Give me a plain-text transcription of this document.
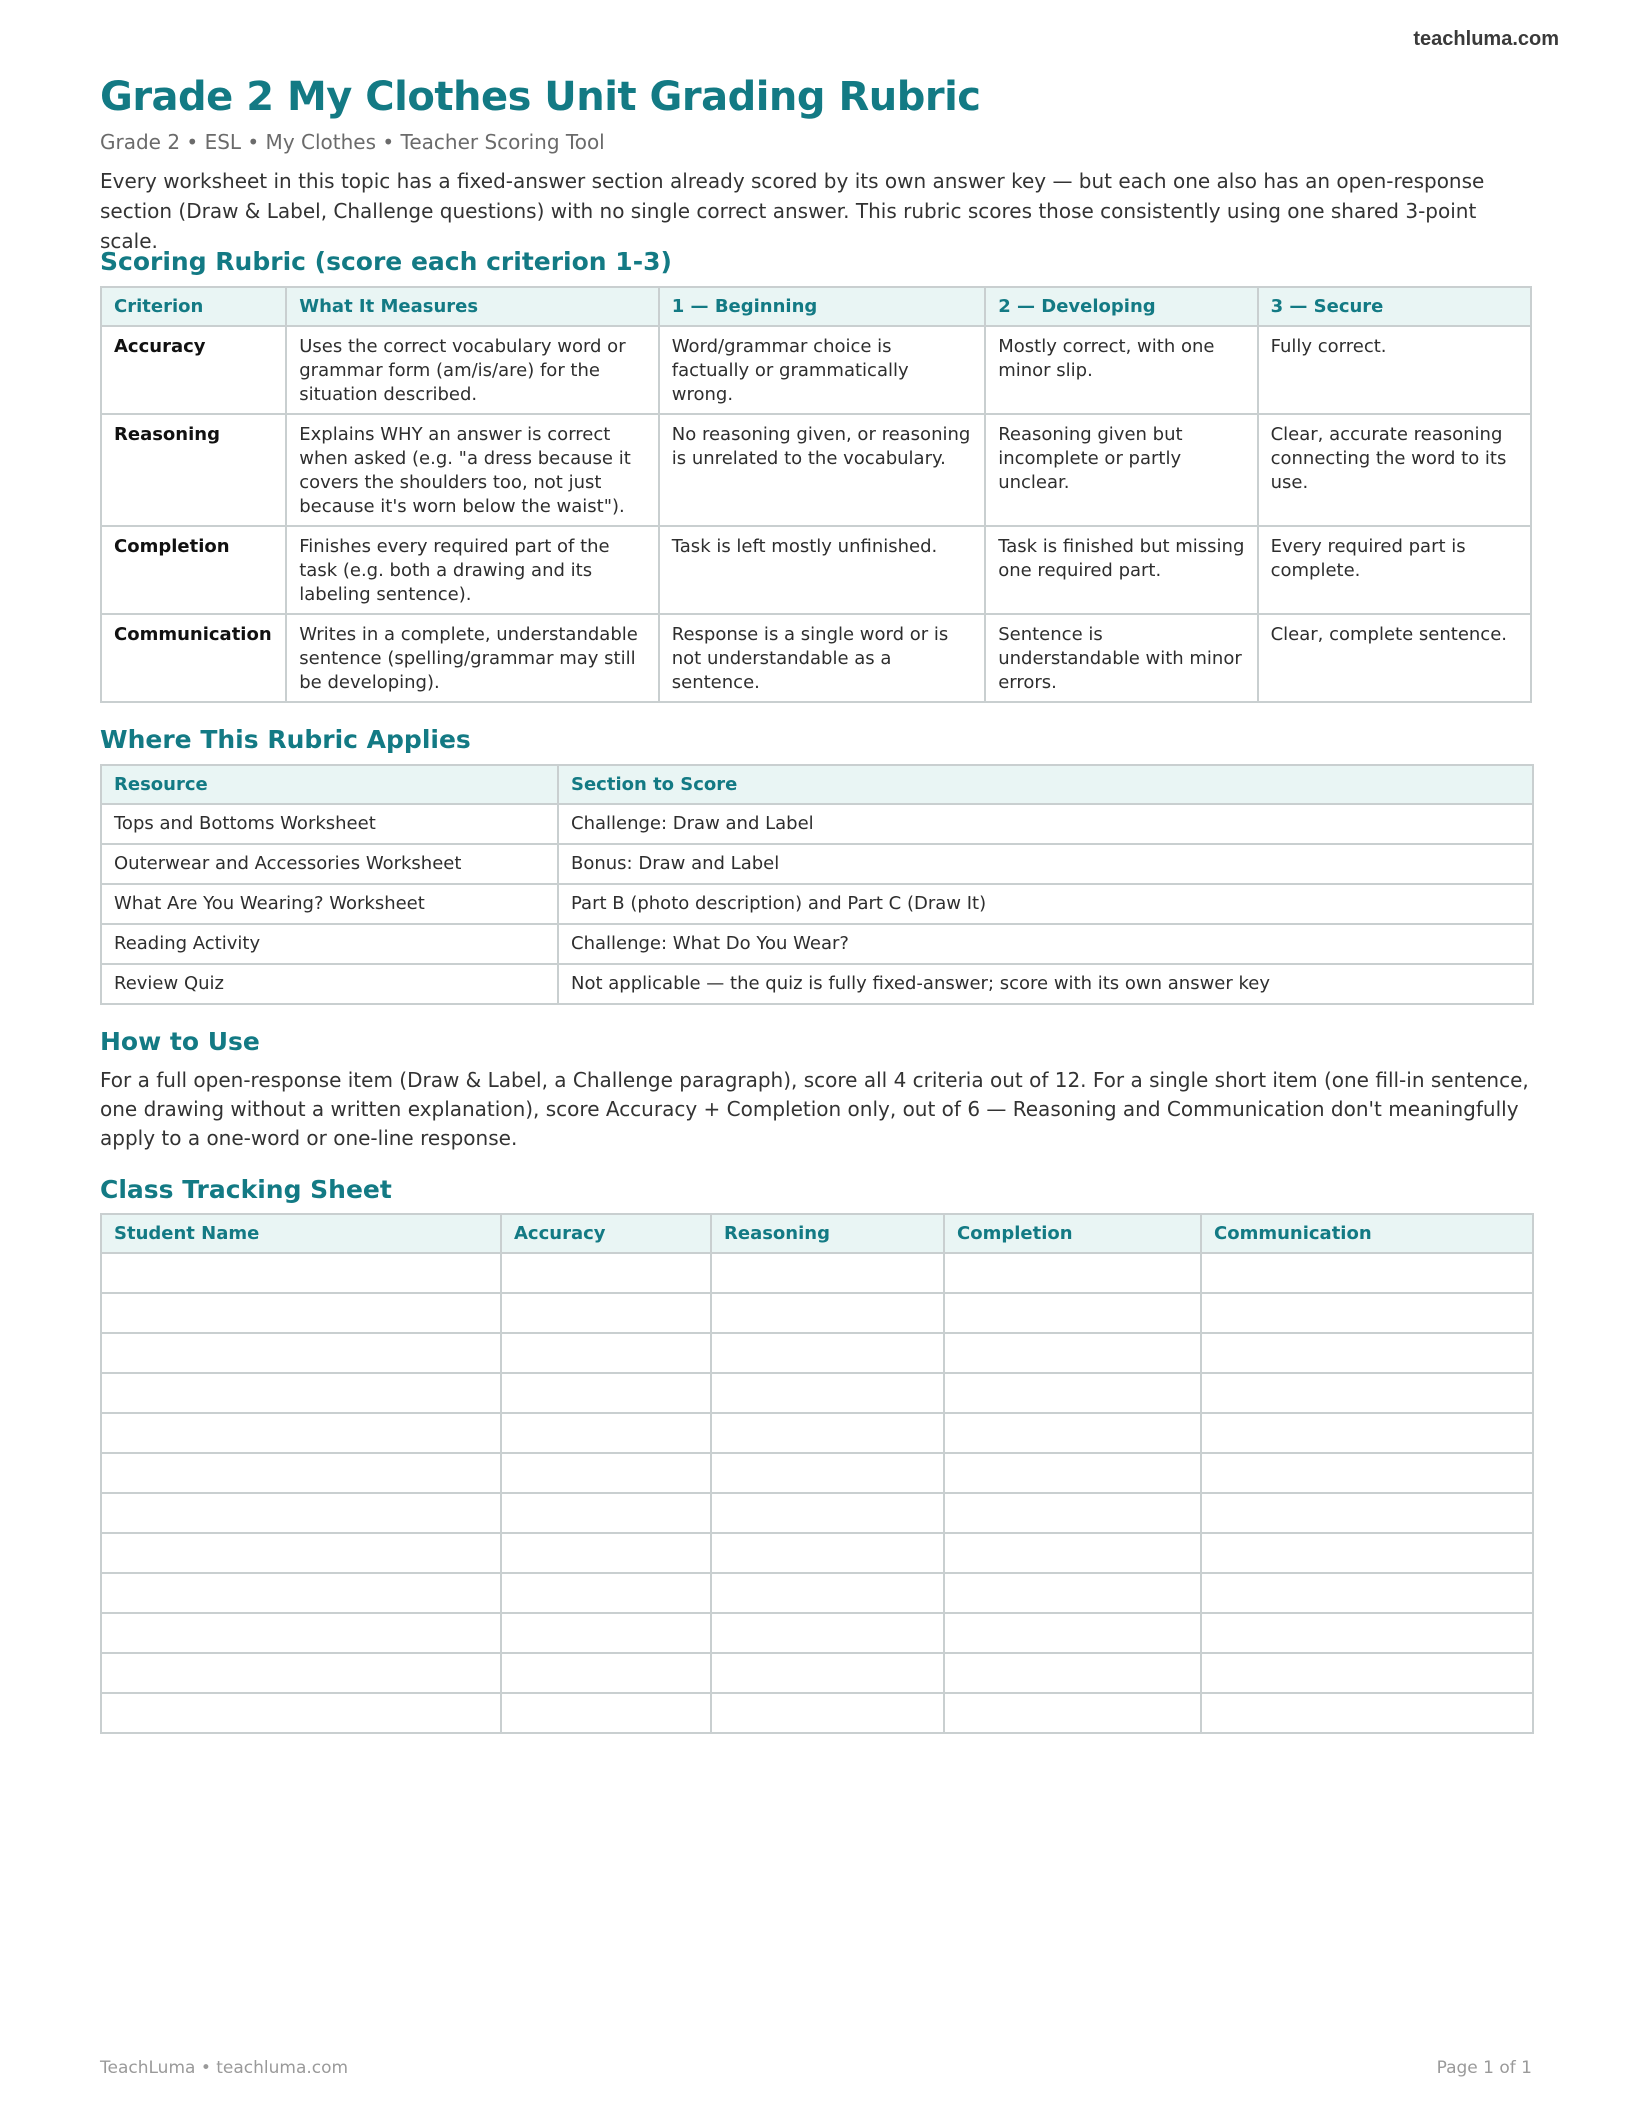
teachluma.com
Grade 2 My Clothes Unit Grading Rubric
Grade 2 • ESL • My Clothes • Teacher Scoring Tool
Every worksheet in this topic has a fixed-answer section already scored by its own answer key — but each one also has an open-response section (Draw & Label, Challenge questions) with no single correct answer. This rubric scores those consistently using one shared 3-point scale.
Scoring Rubric (score each criterion 1-3)
Criterion	What It Measures	1 — Beginning	2 — Developing	3 — Secure
Accuracy	Uses the correct vocabulary word or grammar form (am/is/are) for the situation described.	Word/grammar choice is factually or grammatically wrong.	Mostly correct, with one minor slip.	Fully correct.
Reasoning	Explains WHY an answer is correct when asked (e.g. "a dress because it covers the shoulders too, not just because it's worn below the waist").	No reasoning given, or reasoning is unrelated to the vocabulary.	Reasoning given but incomplete or partly unclear.	Clear, accurate reasoning connecting the word to its use.
Completion	Finishes every required part of the task (e.g. both a drawing and its labeling sentence).	Task is left mostly unfinished.	Task is finished but missing one required part.	Every required part is complete.
Communication	Writes in a complete, understandable sentence (spelling/grammar may still be developing).	Response is a single word or is not understandable as a sentence.	Sentence is understandable with minor errors.	Clear, complete sentence.
Where This Rubric Applies
Resource	Section to Score
Tops and Bottoms Worksheet	Challenge: Draw and Label
Outerwear and Accessories Worksheet	Bonus: Draw and Label
What Are You Wearing? Worksheet	Part B (photo description) and Part C (Draw It)
Reading Activity	Challenge: What Do You Wear?
Review Quiz	Not applicable — the quiz is fully fixed-answer; score with its own answer key
How to Use
For a full open-response item (Draw & Label, a Challenge paragraph), score all 4 criteria out of 12. For a single short item (one fill-in sentence, one drawing without a written explanation), score Accuracy + Completion only, out of 6 — Reasoning and Communication don't meaningfully apply to a one-word or one-line response.
Class Tracking Sheet
Student Name	Accuracy	Reasoning	Completion	Communication

TeachLuma • teachluma.com	Page 1 of 1
